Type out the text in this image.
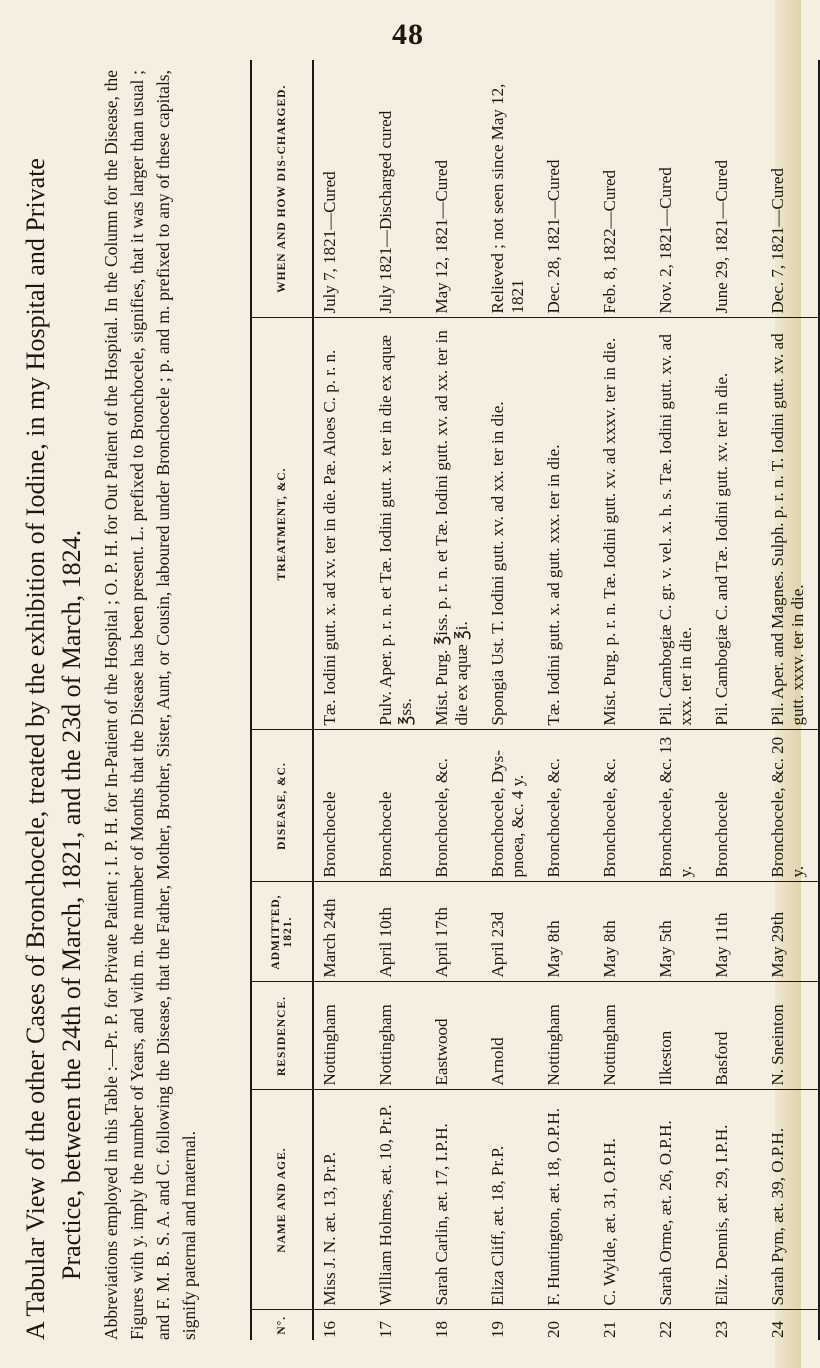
48
A Tabular View of the other Cases of Bronchocele, treated by the exhibition of Iodine, in my Hospital and Private Practice, between the 24th of March, 1821, and the 23d of March, 1824. Abbreviations employed in this Table :—Pr. P. for Private Patient ; I. P. H. for In-Patient of the Hospital ; O. P. H. for Out Patient of the Hospital. In the Column for the Disease, the Figures with y. imply the number of Years, and with m. the number of Months that the Disease has been present. L. prefixed to Bronchocele, signifies, that it was larger than usual ; and F. M. B. S. A. and C. following the Disease, that the Father, Mother, Brother, Sister, Aunt, or Cousin, laboured under Bronchocele ; p. and m. prefixed to any of these capitals, signify paternal and maternal.	N°.	NAME AND AGE.	RESIDENCE.	ADMITTED, 1821.	DISEASE, &C.	TREATMENT, &C.	WHEN AND HOW DIS-CHARGED.
16	Miss J. N. æt. 13, Pr.P.	Nottingham	March 24th	Bronchocele	Tæ. Iodini gutt. x. ad xv. ter in die. Pæ. Aloes C. p. r. n.	July 7, 1821—Cured
17	William Holmes, æt. 10, Pr.P.	Nottingham	April 10th	Bronchocele	Pulv. Aper. p. r. n. et Tæ. Iodini gutt. x. ter in die ex aquæ ℥ss.	July 1821—Discharged cured
18	Sarah Carlin, æt. 17, I.P.H.	Eastwood	April 17th	Bronchocele, &c.	Mist. Purg. ℥iss. p. r. n. et Tæ. Iodini gutt. xv. ad xx. ter in die ex aquæ ℥i.	May 12, 1821—Cured
19	Eliza Cliff, æt. 18, Pr.P.	Arnold	April 23d	Bronchocele, Dys-pnoea, &c. 4 y.	Spongia Ust. T. Iodini gutt. xv. ad xx. ter in die.	Relieved ; not seen since May 12, 1821
20	F. Huntington, æt. 18, O.P.H.	Nottingham	May 8th	Bronchocele, &c.	Tæ. Iodini gutt. x. ad gutt. xxx. ter in die.	Dec. 28, 1821—Cured
21	C. Wylde, æt. 31, O.P.H.	Nottingham	May 8th	Bronchocele, &c.	Mist. Purg. p. r. n. Tæ. Iodini gutt. xv. ad xxxv. ter in die.	Feb. 8, 1822—Cured
22	Sarah Orme, æt. 26, O.P.H.	Ilkeston	May 5th	Bronchocele, &c. 13 y.	Pil. Cambogiæ C. gr. v. vel. x. h. s. Tæ. Iodini gutt. xv. ad xxx. ter in die.	Nov. 2, 1821—Cured
23	Eliz. Dennis, æt. 29, I.P.H.	Basford	May 11th	Bronchocele	Pil. Cambogiæ C. and Tæ. Iodini gutt. xv. ter in die.	June 29, 1821—Cured
24	Sarah Pym, æt. 39, O.P.H.	N. Sneinton	May 29th	Bronchocele, &c. 20 y.	Pil. Aper. and Magnes. Sulph. p. r. n. T. Iodini gutt. xv. ad gutt. xxxv. ter in die.	Dec. 7, 1821—Cured
